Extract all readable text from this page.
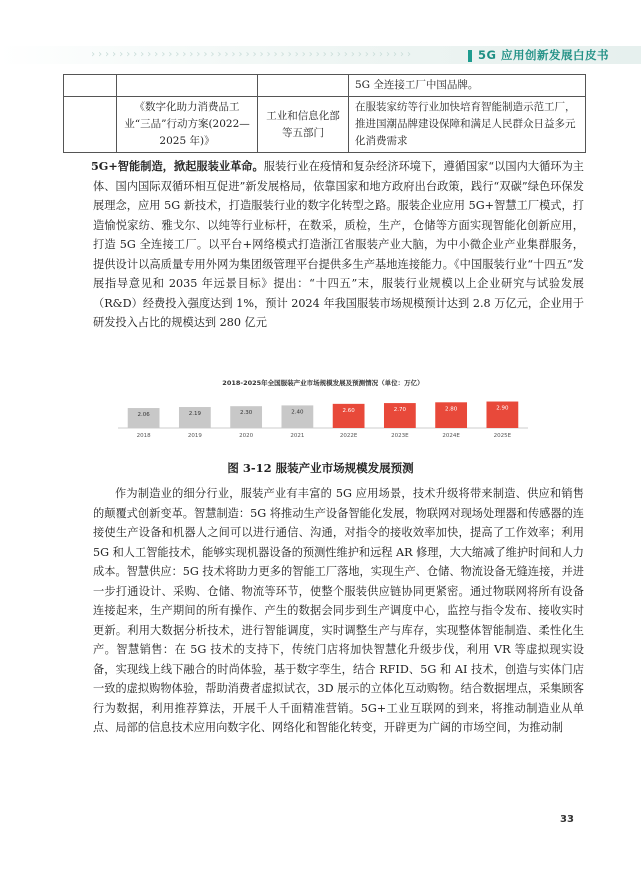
››››››››››››››››››››››››››››››››››››››››››››››	5G 应用创新发展白皮书
			5G 全连接工厂中国品牌。
	《数字化助力消费品工业“三品”行动方案(2022—2025 年)》	工业和信息化部等五部门	在服装家纺等行业加快培育智能制造示范工厂，推进国潮品牌建设保障和满足人民群众日益多元化消费需求

5G+智能制造，掀起服装业革命。服装行业在疫情和复杂经济环境下，遵循国家“以国内大循环为主体、国内国际双循环相互促进”新发展格局，依靠国家和地方政府出台政策，践行“双碳”绿色环保发展理念，应用 5G 新技术，打造服装行业的数字化转型之路。服装企业应用 5G+智慧工厂模式，打造愉悦家纺、雅戈尔、以纯等行业标杆，在数采，质检，生产，仓储等方面实现智能化创新应用，打造 5G 全连接工厂。以平台+网络模式打造浙江省服装产业大脑，为中小微企业产业集群服务，提供设计以高质量专用外网为集团级管理平台提供多生产基地连接能力。《中国服装行业“十四五”发展指导意见和 2035 年远景目标》提出：“十四五”末，服装行业规模以上企业研究与试验发展（R&D）经费投入强度达到 1%，预计 2024 年我国服装市场规模预计达到 2.8 万亿元，企业用于研发投入占比的规模达到 280 亿元

2018-2025年全国服装产业市场规模发展及预测情况（单位：万亿）
2.06
2018
2.19
2019
2.30
2020
2.40
2021
2.60
2022E
2.70
2023E
2.80
2024E
2.90
2025E
图 3-12 服装产业市场规模发展预测

作为制造业的细分行业，服装产业有丰富的 5G 应用场景，技术升级将带来制造、供应和销售的颠覆式创新变革。智慧制造：5G 将推动生产设备智能化发展，物联网对现场处理器和传感器的连接使生产设备和机器人之间可以进行通信、沟通，对指令的接收效率加快，提高了工作效率；利用 5G 和人工智能技术，能够实现机器设备的预测性维护和远程 AR 修理，大大缩减了维护时间和人力成本。智慧供应：5G 技术将助力更多的智能工厂落地，实现生产、仓储、物流设备无缝连接，并进一步打通设计、采购、仓储、物流等环节，使整个服装供应链协同更紧密。通过物联网将所有设备连接起来，生产期间的所有操作、产生的数据会同步到生产调度中心，监控与指令发布、接收实时更新。利用大数据分析技术，进行智能调度，实时调整生产与库存，实现整体智能制造、柔性化生产。智慧销售：在 5G 技术的支持下，传统门店将加快智慧化升级步伐，利用 VR 等虚拟现实设备，实现线上线下融合的时尚体验，基于数字孪生，结合 RFID、5G 和 AI 技术，创造与实体门店一致的虚拟购物体验，帮助消费者虚拟试衣，3D 展示的立体化互动购物。结合数据埋点，采集顾客行为数据，利用推荐算法，开展千人千面精准营销。5G+工业互联网的到来，将推动制造业从单点、局部的信息技术应用向数字化、网络化和智能化转变，开辟更为广阔的市场空间，为推动制

33
